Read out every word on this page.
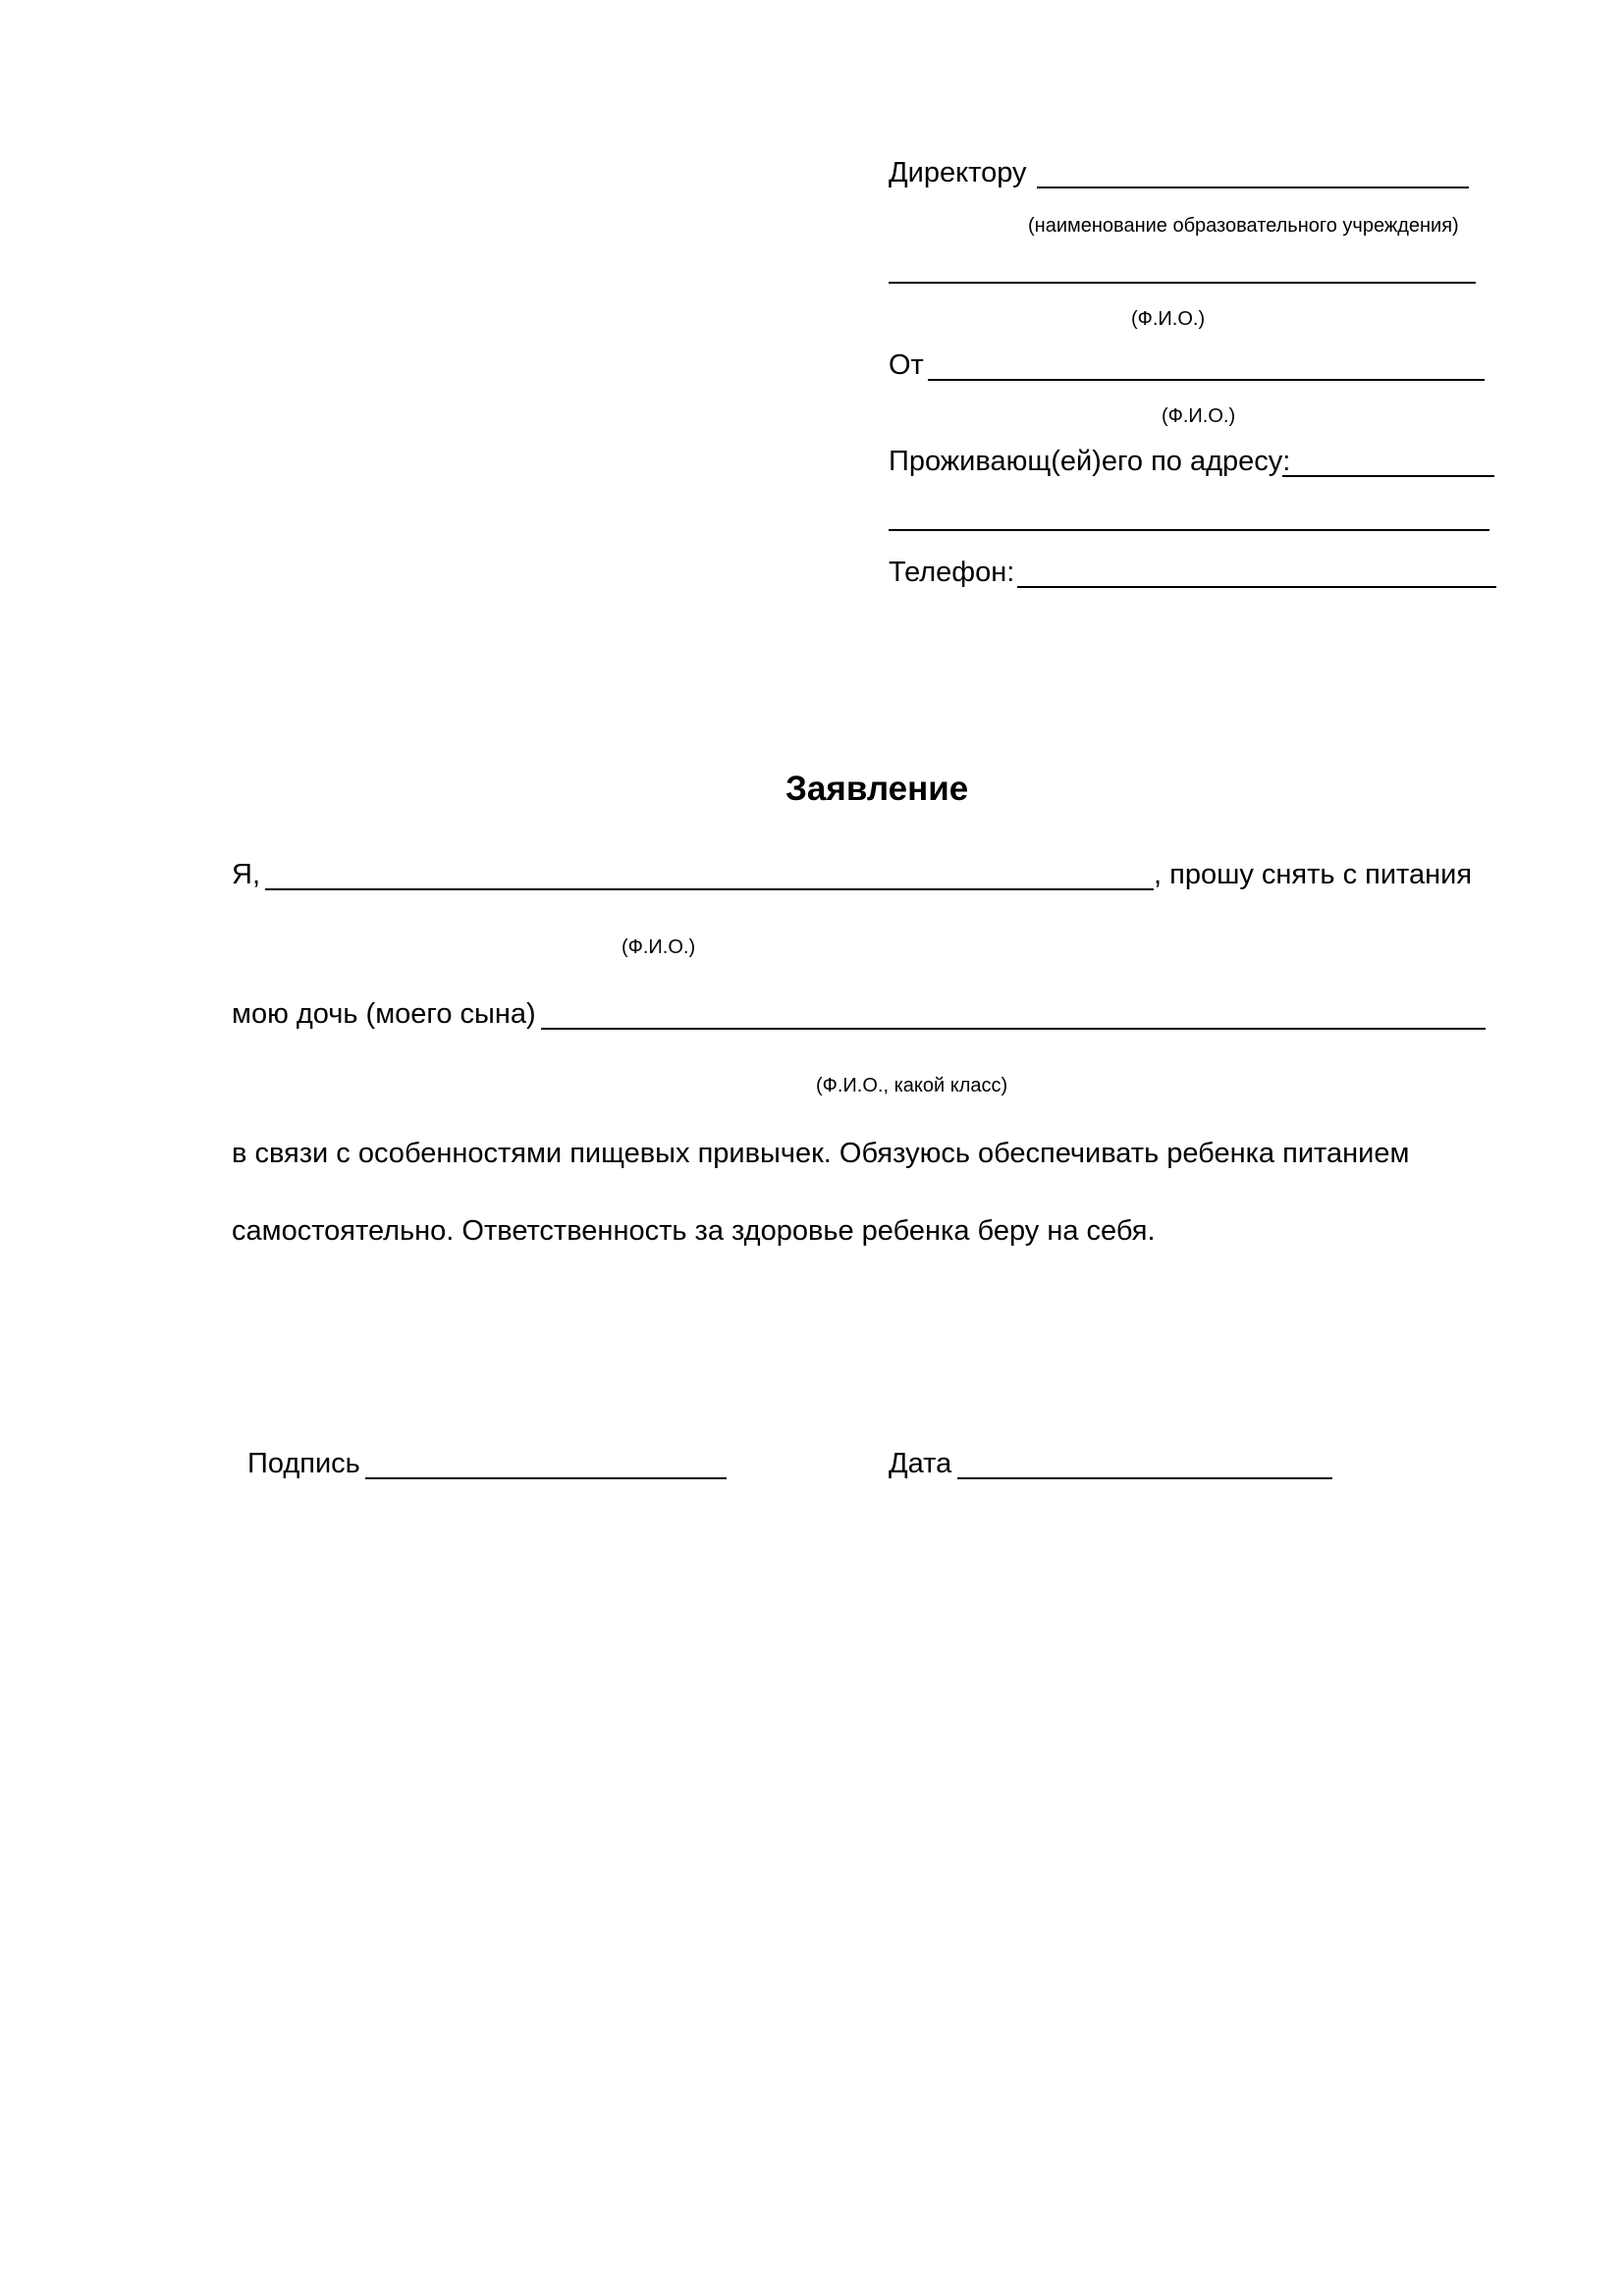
Директору
(наименование образовательного учреждения)
(Ф.И.О.)
От
(Ф.И.О.)
Проживающ(ей)его по адресу:
Телефон:
Заявление
Я,	, прошу снять с питания
(Ф.И.О.)
мою дочь (моего сына)
(Ф.И.О., какой класс)
в связи с особенностями пищевых привычек. Обязуюсь обеспечивать ребенка питанием
самостоятельно. Ответственность за здоровье ребенка беру на себя.
Подпись	Дата
